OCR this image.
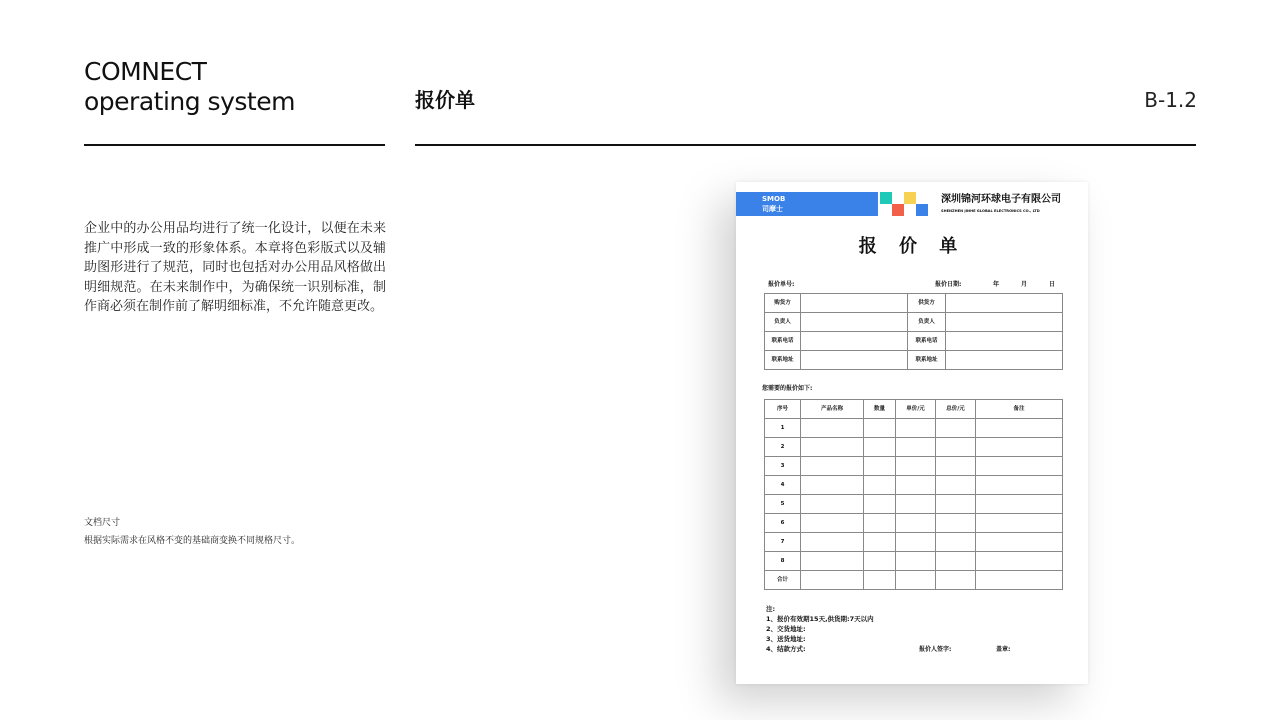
COMNECT
operating system	报价单	B-1.2
企业中的办公用品均进行了统一化设计，以便在未来推广中形成一致的形象体系。本章将色彩版式以及辅助图形进行了规范，同时也包括对办公用品风格做出明细规范。在未来制作中，为确保统一识别标准，制作商必须在制作前了解明细标准，不允许随意更改。
文档尺寸
根据实际需求在风格不变的基础商变换不同规格尺寸。
SMOB
司摩士
深圳锦河环球电子有限公司
SHENZHEN JINHE GLOBAL ELECTRONICS CO., LTD
报 价 单
报价单号:	报价日期:	年	月	日
购货方		供货方	
负责人		负责人	
联系电话		联系电话	
联系地址		联系地址	
您需要的报价如下:
序号	产品名称	数量	单价/元	总价/元	备注
1					
2					
3					
4					
5					
6					
7					
8					
合计					
注:
1、报价有效期15天,供货期:7天以内
2、交货地址:
3、送货地址:
4、结款方式:	报价人签字:	盖章:
